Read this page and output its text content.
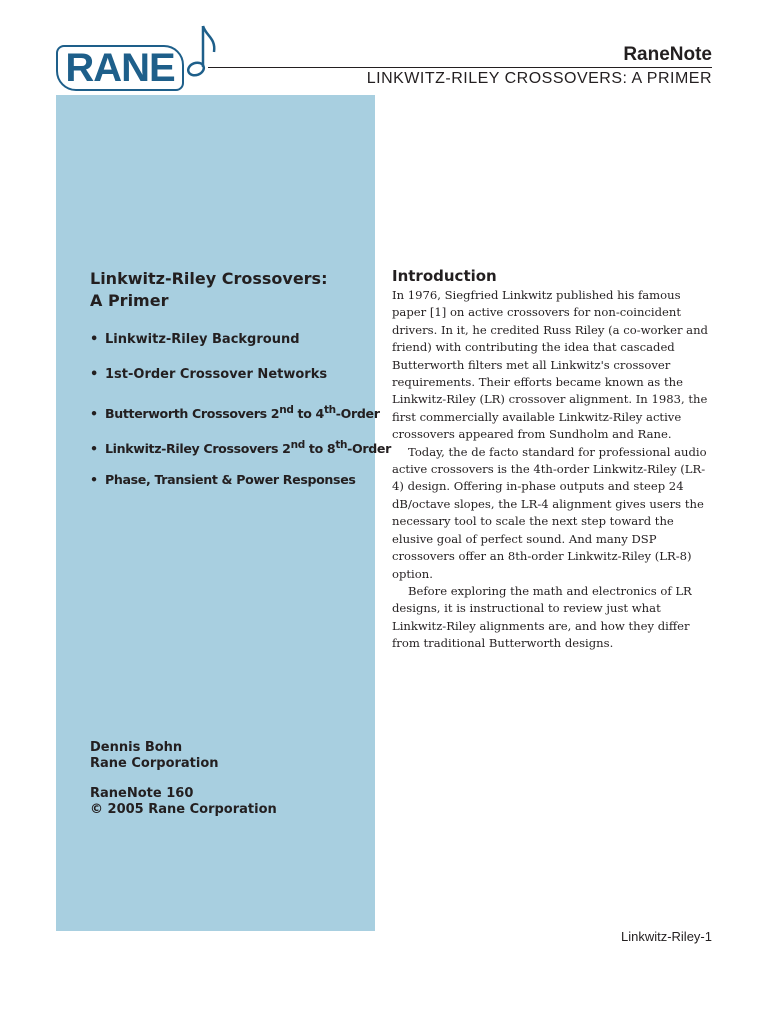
RANE	RaneNote
LINKWITZ-RILEY CROSSOVERS: A PRIMER
Linkwitz-Riley Crossovers:
A Primer
• Linkwitz-Riley Background
• 1st-Order Crossover Networks
• Butterworth Crossovers 2nd to 4th-Order
• Linkwitz-Riley Crossovers 2nd to 8th-Order
• Phase, Transient & Power Responses
Dennis Bohn
Rane Corporation
RaneNote 160
© 2005 Rane Corporation
Introduction

In 1976, Siegfried Linkwitz published his famous paper [1] on active crossovers for non-coincident drivers. In it, he credited Russ Riley (a co-worker and friend) with contributing the idea that cascaded Butterworth filters met all Linkwitz's crossover requirements. Their efforts became known as the Linkwitz-Riley (LR) crossover alignment. In 1983, the first commercially available Linkwitz-Riley active crossovers appeared from Sundholm and Rane.

Today, the de facto standard for professional audio active crossovers is the 4th-order Linkwitz-Riley (LR-4) design. Offering in-phase outputs and steep 24 dB/octave slopes, the LR-4 alignment gives users the necessary tool to scale the next step toward the elusive goal of perfect sound. And many DSP crossovers offer an 8th-order Linkwitz-Riley (LR-8) option.

Before exploring the math and electronics of LR designs, it is instructional to review just what Linkwitz-Riley alignments are, and how they differ from traditional Butterworth designs.

Linkwitz-Riley-1
